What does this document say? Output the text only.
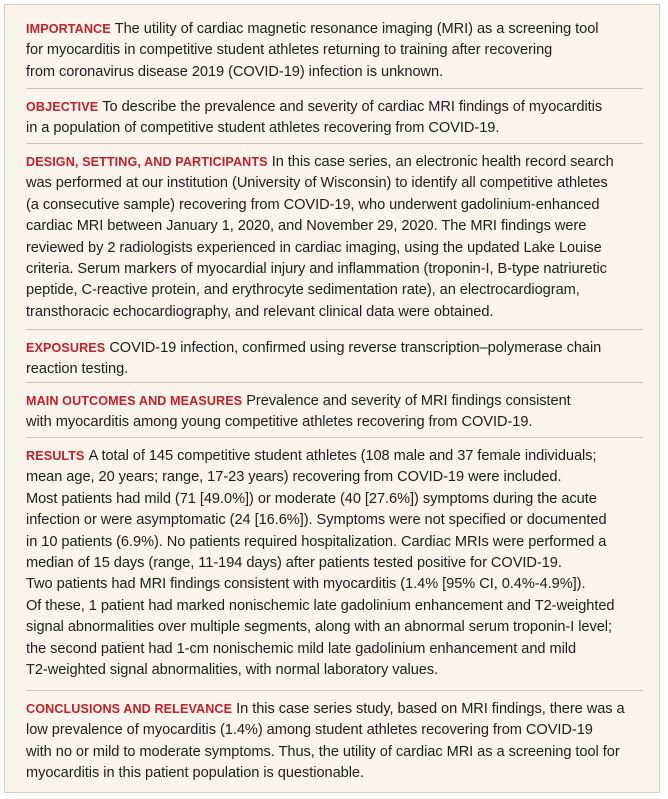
IMPORTANCE The utility of cardiac magnetic resonance imaging (MRI) as a screening tool
for myocarditis in competitive student athletes returning to training after recovering
from coronavirus disease 2019 (COVID-19) infection is unknown.
OBJECTIVE To describe the prevalence and severity of cardiac MRI findings of myocarditis
in a population of competitive student athletes recovering from COVID-19.
DESIGN, SETTING, AND PARTICIPANTS In this case series, an electronic health record search
was performed at our institution (University of Wisconsin) to identify all competitive athletes
(a consecutive sample) recovering from COVID-19, who underwent gadolinium-enhanced
cardiac MRI between January 1, 2020, and November 29, 2020. The MRI findings were
reviewed by 2 radiologists experienced in cardiac imaging, using the updated Lake Louise
criteria. Serum markers of myocardial injury and inflammation (troponin-I, B-type natriuretic
peptide, C-reactive protein, and erythrocyte sedimentation rate), an electrocardiogram,
transthoracic echocardiography, and relevant clinical data were obtained.
EXPOSURES COVID-19 infection, confirmed using reverse transcription–polymerase chain
reaction testing.
MAIN OUTCOMES AND MEASURES Prevalence and severity of MRI findings consistent
with myocarditis among young competitive athletes recovering from COVID-19.
RESULTS A total of 145 competitive student athletes (108 male and 37 female individuals;
mean age, 20 years; range, 17-23 years) recovering from COVID-19 were included.
Most patients had mild (71 [49.0%]) or moderate (40 [27.6%]) symptoms during the acute
infection or were asymptomatic (24 [16.6%]). Symptoms were not specified or documented
in 10 patients (6.9%). No patients required hospitalization. Cardiac MRIs were performed a
median of 15 days (range, 11-194 days) after patients tested positive for COVID-19.
Two patients had MRI findings consistent with myocarditis (1.4% [95% CI, 0.4%-4.9%]).
Of these, 1 patient had marked nonischemic late gadolinium enhancement and T2-weighted
signal abnormalities over multiple segments, along with an abnormal serum troponin-I level;
the second patient had 1-cm nonischemic mild late gadolinium enhancement and mild
T2-weighted signal abnormalities, with normal laboratory values.
CONCLUSIONS AND RELEVANCE In this case series study, based on MRI findings, there was a
low prevalence of myocarditis (1.4%) among student athletes recovering from COVID-19
with no or mild to moderate symptoms. Thus, the utility of cardiac MRI as a screening tool for
myocarditis in this patient population is questionable.
